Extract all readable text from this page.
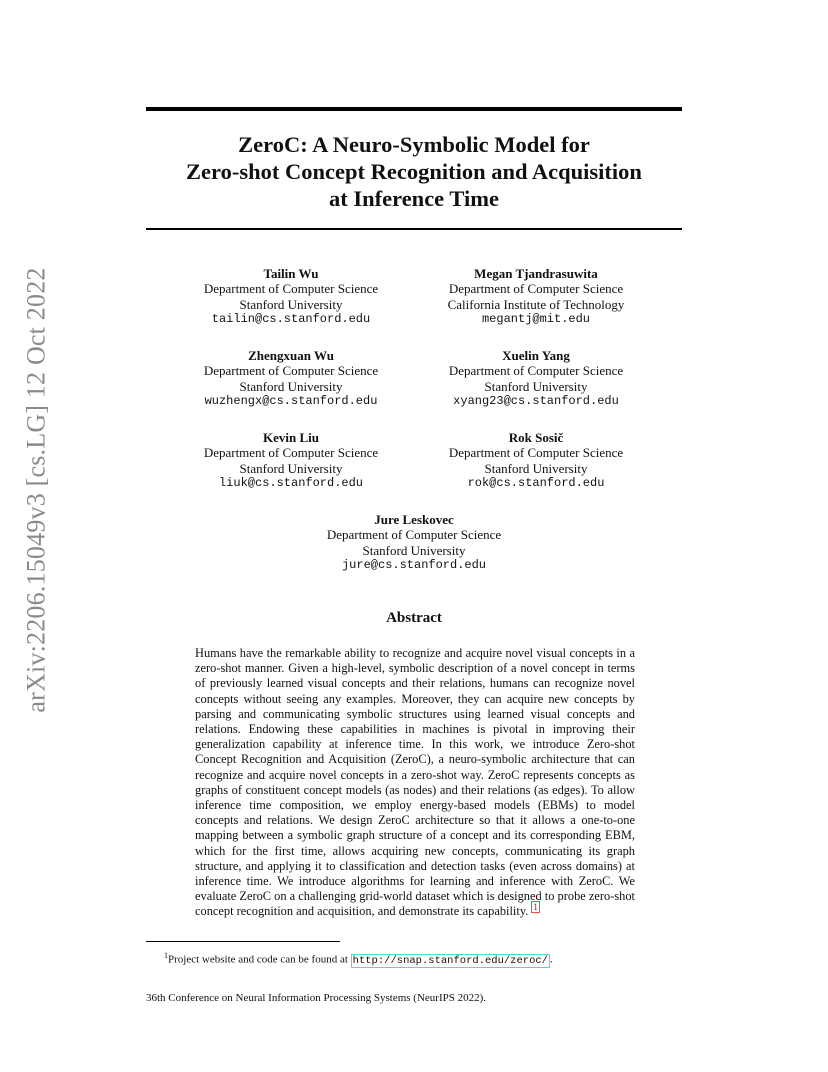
arXiv:2206.15049v3 [cs.LG] 12 Oct 2022
ZeroC: A Neuro-Symbolic Model for
Zero-shot Concept Recognition and Acquisition
at Inference Time
Tailin Wu
Department of Computer Science
Stanford University
tailin@cs.stanford.edu
Megan Tjandrasuwita
Department of Computer Science
California Institute of Technology
megantj@mit.edu
Zhengxuan Wu
Department of Computer Science
Stanford University
wuzhengx@cs.stanford.edu
Xuelin Yang
Department of Computer Science
Stanford University
xyang23@cs.stanford.edu
Kevin Liu
Department of Computer Science
Stanford University
liuk@cs.stanford.edu
Rok Sosič
Department of Computer Science
Stanford University
rok@cs.stanford.edu
Jure Leskovec
Department of Computer Science
Stanford University
jure@cs.stanford.edu
Abstract
Humans have the remarkable ability to recognize and acquire novel visual concepts in a zero-shot manner. Given a high-level, symbolic description of a novel concept in terms of previously learned visual concepts and their relations, humans can recognize novel concepts without seeing any examples. Moreover, they can acquire new concepts by parsing and communicating symbolic structures using learned visual concepts and relations. Endowing these capabilities in machines is pivotal in improving their generalization capability at inference time. In this work, we introduce Zero-shot Concept Recognition and Acquisition (ZeroC), a neuro-symbolic architecture that can recognize and acquire novel concepts in a zero-shot way. ZeroC represents concepts as graphs of constituent concept models (as nodes) and their relations (as edges). To allow inference time composition, we employ energy-based models (EBMs) to model concepts and relations. We design ZeroC architecture so that it allows a one-to-one mapping between a symbolic graph structure of a concept and its corresponding EBM, which for the first time, allows acquiring new concepts, communicating its graph structure, and applying it to classification and detection tasks (even across domains) at inference time. We introduce algorithms for learning and inference with ZeroC. We evaluate ZeroC on a challenging grid-world dataset which is designed to probe zero-shot concept recognition and acquisition, and demonstrate its capability. $^1$
$^1$Project website and code can be found at http://snap.stanford.edu/zeroc/ .
36th Conference on Neural Information Processing Systems (NeurIPS 2022).
